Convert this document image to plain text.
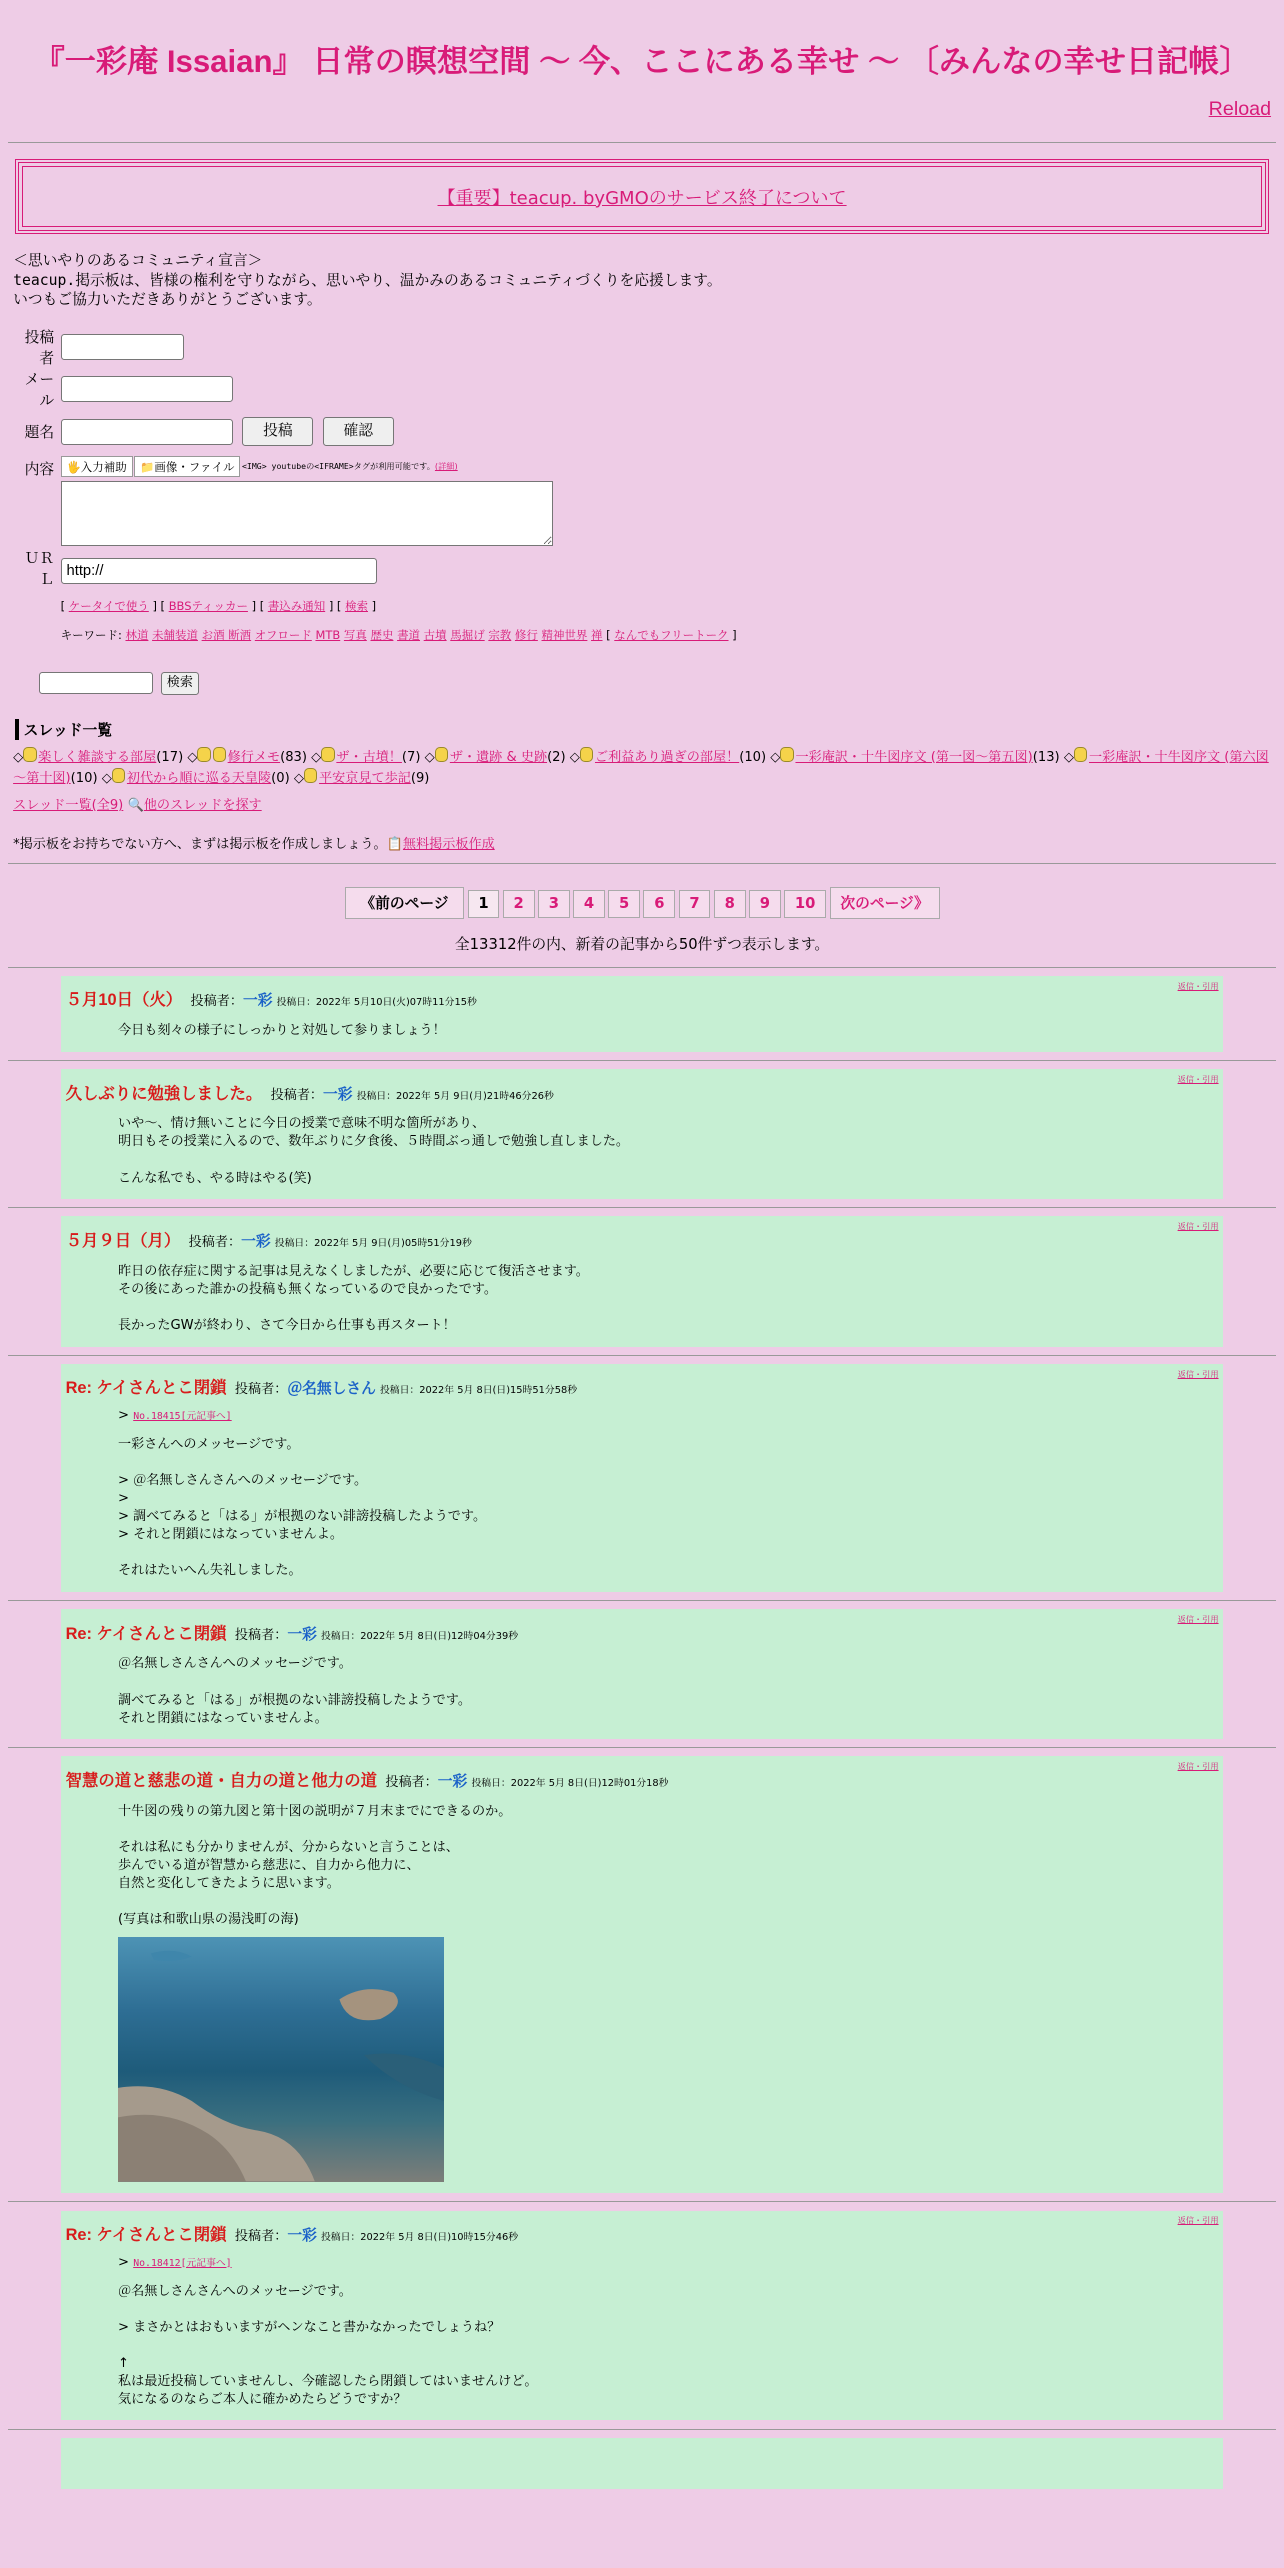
『一彩庵 Issaian』 日常の瞑想空間 ～ 今、ここにある幸せ ～ 〔みんなの幸せ日記帳〕
Reload
【重要】teacup. byGMOのサービス終了について
＜思いやりのあるコミュニティ宣言＞
teacup.掲示板は、皆様の権利を守りながら、思いやり、温かみのあるコミュニティづくりを応援します。
いつもご協力いただきありがとうございます。
投稿者	
メール	
題名	投稿 確認
内容	🖐入力補助 📁画像・ファイル <IMG> youtubeの<IFRAME>タグが利用可能です。 (詳細)

ＵＲＬ	http://
	[ ケータイで使う ] [ BBSティッカー ] [ 書込み通知 ] [ 検索 ]
	キーワード: 林道 未舗装道 お酒 断酒 オフロード MTB 写真 歴史 書道 古墳 馬掘げ 宗教 修行 精神世界 禅 [ なんでもフリートーク ]
検索
スレッド一覧
◇ 楽しく雑談する部屋(17) ◇	修行メモ(83) ◇ ザ・古墳！(7) ◇ ザ・遺跡 & 史跡(2) ◇ ご利益あり過ぎの部屋！(10) ◇ 一彩庵訳・十牛図序文 (第一図～第五図)(13) ◇ 一彩庵訳・十牛図序文 (第六図～第十図)(10) ◇ 初代から順に巡る天皇陵(0) ◇ 平安京見て歩記(9)
スレッド一覧(全9) 🔍他のスレッドを探す
*掲示板をお持ちでない方へ、まずは掲示板を作成しましょう。📋無料掲示板作成
《前のページ	1	2	3	4	5	6	7	8	9	10	次のページ》
全13312件の内、新着の記事から50件ずつ表示します。
返信・引用
５月10日（火） 投稿者：一彩 投稿日：2022年 5月10日(火)07時11分15秒
今日も刻々の様子にしっかりと対処して参りましょう！
返信・引用
久しぶりに勉強しました。 投稿者：一彩 投稿日：2022年 5月 9日(月)21時46分26秒
いや～、情け無いことに今日の授業で意味不明な箇所があり、
明日もその授業に入るので、数年ぶりに夕食後、５時間ぶっ通しで勉強し直しました。

こんな私でも、やる時はやる(笑)
返信・引用
５月９日（月） 投稿者：一彩 投稿日：2022年 5月 9日(月)05時51分19秒
昨日の依存症に関する記事は見えなくしましたが、必要に応じて復活させます。
その後にあった誰かの投稿も無くなっているので良かったです。

長かったGWが終わり、さて今日から仕事も再スタート！
返信・引用
Re: ケイさんとこ閉鎖 投稿者：＠名無しさん 投稿日：2022年 5月 8日(日)15時51分58秒
> No.18415[元記事へ]
一彩さんへのメッセージです。

> ＠名無しさんさんへのメッセージです。
>
> 調べてみると「はる」が根拠のない誹謗投稿したようです。
> それと閉鎖にはなっていませんよ。

それはたいへん失礼しました。
返信・引用
Re: ケイさんとこ閉鎖 投稿者：一彩 投稿日：2022年 5月 8日(日)12時04分39秒
＠名無しさんさんへのメッセージです。

調べてみると「はる」が根拠のない誹謗投稿したようです。
それと閉鎖にはなっていませんよ。
返信・引用
智慧の道と慈悲の道・自力の道と他力の道 投稿者：一彩 投稿日：2022年 5月 8日(日)12時01分18秒
十牛図の残りの第九図と第十図の説明が７月末までにできるのか。

それは私にも分かりませんが、分からないと言うことは、
歩んでいる道が智慧から慈悲に、自力から他力に、
自然と変化してきたように思います。

(写真は和歌山県の湯浅町の海)
返信・引用
Re: ケイさんとこ閉鎖 投稿者：一彩 投稿日：2022年 5月 8日(日)10時15分46秒
> No.18412[元記事へ]
＠名無しさんさんへのメッセージです。

> まさかとはおもいますがヘンなこと書かなかったでしょうね？

↑
私は最近投稿していませんし、今確認したら閉鎖してはいませんけど。
気になるのならご本人に確かめたらどうですか？
